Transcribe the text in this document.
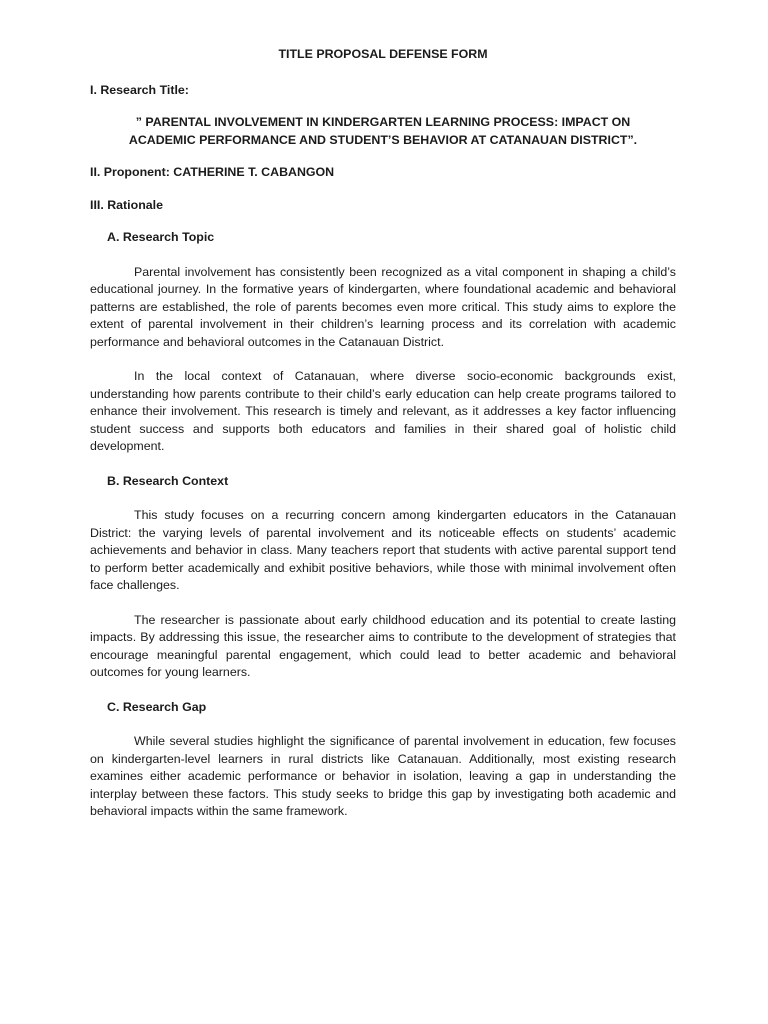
TITLE PROPOSAL DEFENSE FORM
I. Research Title:
” PARENTAL INVOLVEMENT IN KINDERGARTEN LEARNING PROCESS: IMPACT ON ACADEMIC PERFORMANCE AND STUDENT’S BEHAVIOR AT CATANAUAN DISTRICT”.
II. Proponent: CATHERINE T. CABANGON
III. Rationale
A. Research Topic

Parental involvement has consistently been recognized as a vital component in shaping a child’s educational journey. In the formative years of kindergarten, where foundational academic and behavioral patterns are established, the role of parents becomes even more critical. This study aims to explore the extent of parental involvement in their children’s learning process and its correlation with academic performance and behavioral outcomes in the Catanauan District.

In the local context of Catanauan, where diverse socio-economic backgrounds exist, understanding how parents contribute to their child’s early education can help create programs tailored to enhance their involvement. This research is timely and relevant, as it addresses a key factor influencing student success and supports both educators and families in their shared goal of holistic child development.

B. Research Context

This study focuses on a recurring concern among kindergarten educators in the Catanauan District: the varying levels of parental involvement and its noticeable effects on students’ academic achievements and behavior in class. Many teachers report that students with active parental support tend to perform better academically and exhibit positive behaviors, while those with minimal involvement often face challenges.

The researcher is passionate about early childhood education and its potential to create lasting impacts. By addressing this issue, the researcher aims to contribute to the development of strategies that encourage meaningful parental engagement, which could lead to better academic and behavioral outcomes for young learners.

C. Research Gap

While several studies highlight the significance of parental involvement in education, few focuses on kindergarten-level learners in rural districts like Catanauan. Additionally, most existing research examines either academic performance or behavior in isolation, leaving a gap in understanding the interplay between these factors. This study seeks to bridge this gap by investigating both academic and behavioral impacts within the same framework.
